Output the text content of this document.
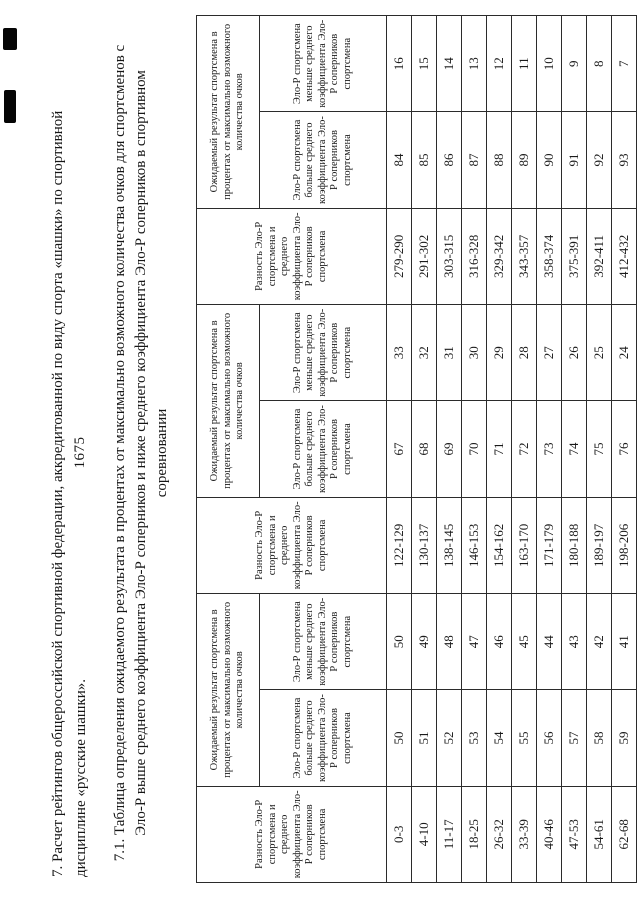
1675

7. Расчет рейтингов общероссийской спортивной федерации, аккредитованной по виду спорта «шашки» по спортивной дисциплине «русские шашки». 7.1. Таблица определения ожидаемого результата в процентах от максимально возможного количества очков для спортсменов с Эло-Р выше среднего коэффициента Эло-Р соперников и ниже среднего коэффициента Эло-Р соперников в спортивном соревновании

Разность Эло-Р спортсмена и среднего коэффициента Эло-Р соперников спортсмена	Ожидаемый результат спортсмена в процентах от максимально возможного количества очков		Разность Эло-Р спортсмена и среднего коэффициента Эло-Р соперников спортсмена	Ожидаемый результат спортсмена в процентах от максимально возможного количества очков		Разность Эло-Р спортсмена и среднего коэффициента Эло-Р соперников спортсмена	Ожидаемый результат спортсмена в процентах от максимально возможного количества очков	
	Эло-Р спортсмена больше среднего коэффициента Эло-Р соперников спортсмена	Эло-Р спортсмена меньше среднего коэффициента Эло-Р соперников спортсмена		Эло-Р спортсмена больше среднего коэффициента Эло-Р соперников спортсмена	Эло-Р спортсмена меньше среднего коэффициента Эло-Р соперников спортсмена		Эло-Р спортсмена больше среднего коэффициента Эло-Р соперников спортсмена	Эло-Р спортсмена меньше среднего коэффициента Эло-Р соперников спортсмена
0-3	50	50	122-129	67	33	279-290	84	16
4-10	51	49	130-137	68	32	291-302	85	15
11-17	52	48	138-145	69	31	303-315	86	14
18-25	53	47	146-153	70	30	316-328	87	13
26-32	54	46	154-162	71	29	329-342	88	12
33-39	55	45	163-170	72	28	343-357	89	11
40-46	56	44	171-179	73	27	358-374	90	10
47-53	57	43	180-188	74	26	375-391	91	9
54-61	58	42	189-197	75	25	392-411	92	8
62-68	59	41	198-206	76	24	412-432	93	7
